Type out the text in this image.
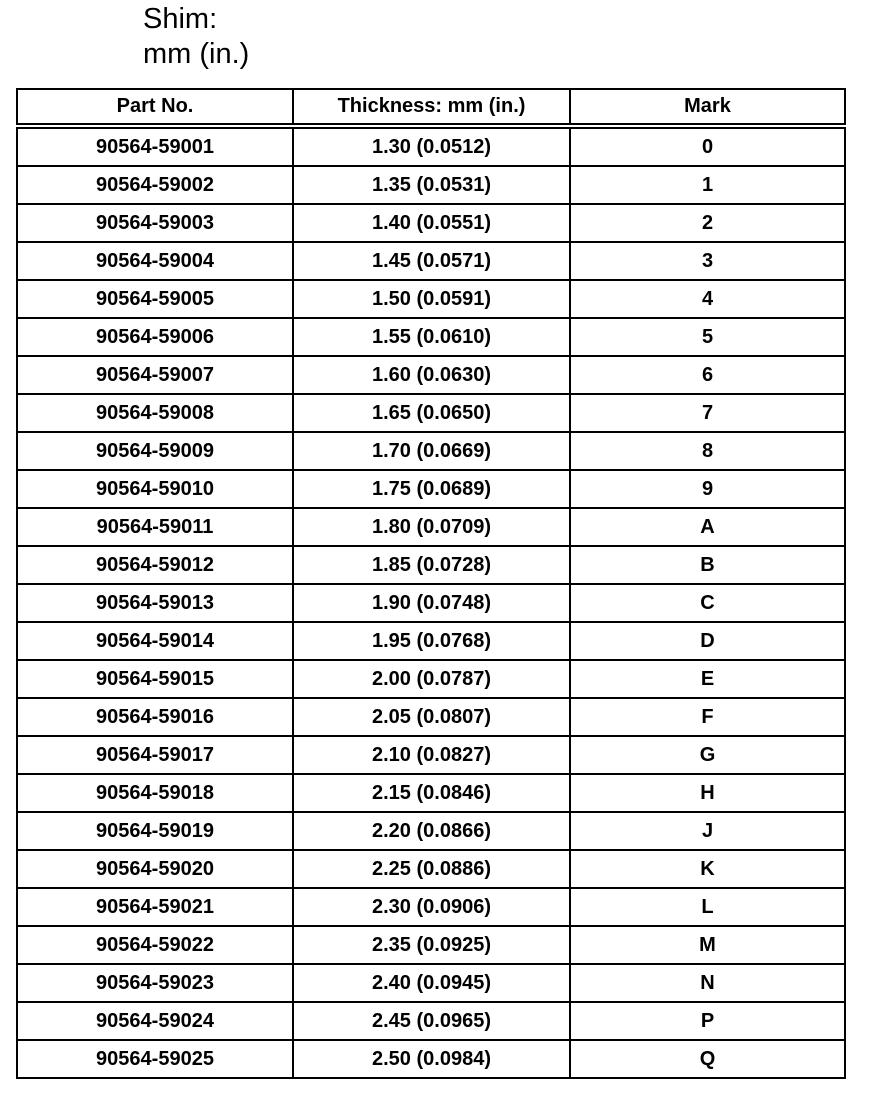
Shim:
mm (in.)
Part No.	Thickness: mm (in.)	Mark
90564-59001	1.30 (0.0512)	0
90564-59002	1.35 (0.0531)	1
90564-59003	1.40 (0.0551)	2
90564-59004	1.45 (0.0571)	3
90564-59005	1.50 (0.0591)	4
90564-59006	1.55 (0.0610)	5
90564-59007	1.60 (0.0630)	6
90564-59008	1.65 (0.0650)	7
90564-59009	1.70 (0.0669)	8
90564-59010	1.75 (0.0689)	9
90564-59011	1.80 (0.0709)	A
90564-59012	1.85 (0.0728)	B
90564-59013	1.90 (0.0748)	C
90564-59014	1.95 (0.0768)	D
90564-59015	2.00 (0.0787)	E
90564-59016	2.05 (0.0807)	F
90564-59017	2.10 (0.0827)	G
90564-59018	2.15 (0.0846)	H
90564-59019	2.20 (0.0866)	J
90564-59020	2.25 (0.0886)	K
90564-59021	2.30 (0.0906)	L
90564-59022	2.35 (0.0925)	M
90564-59023	2.40 (0.0945)	N
90564-59024	2.45 (0.0965)	P
90564-59025	2.50 (0.0984)	Q
